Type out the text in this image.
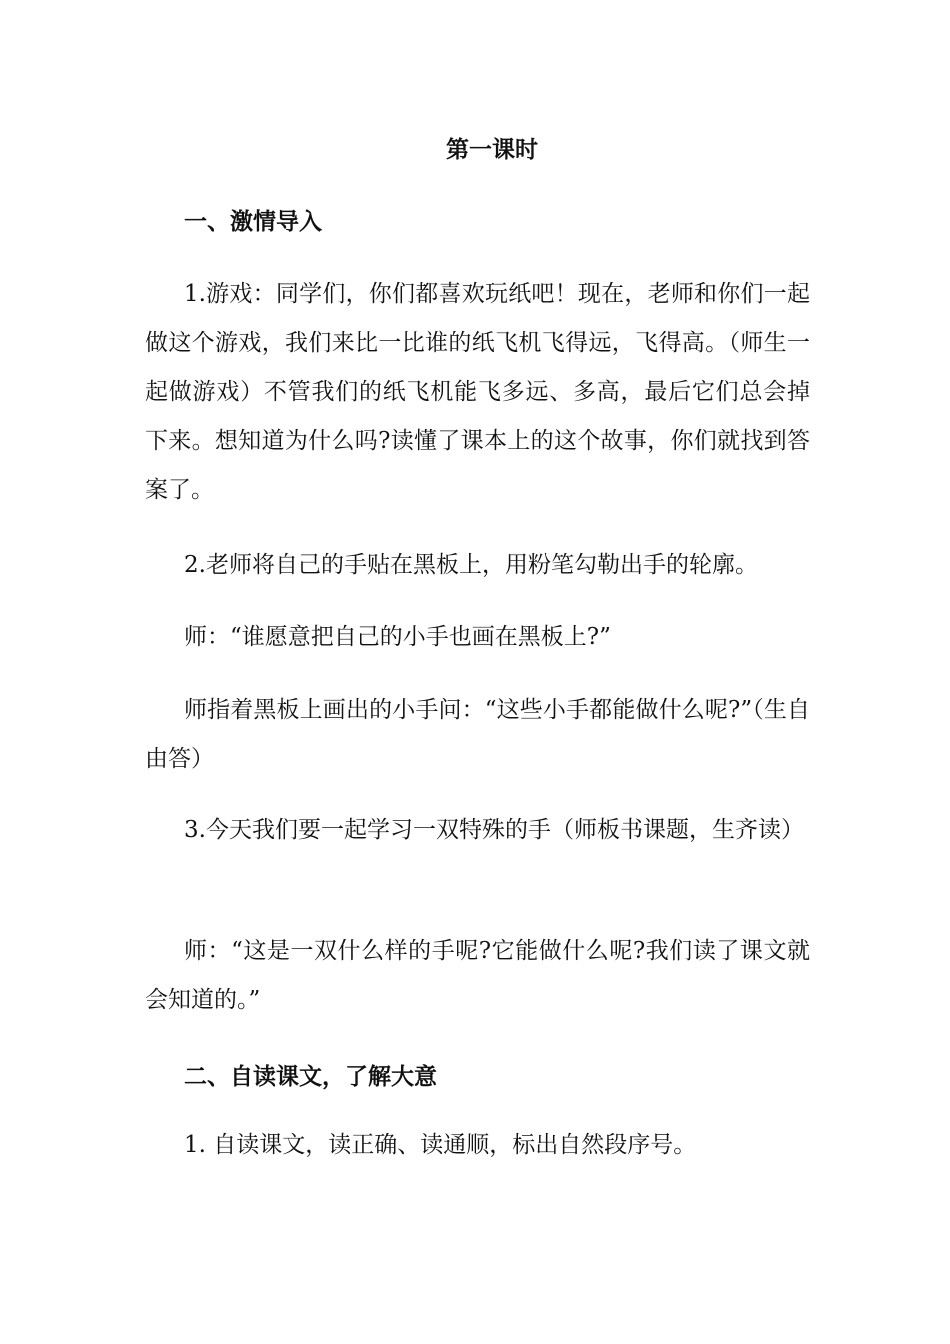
第一课时
一、激情导入

1.游戏：同学们，你们都喜欢玩纸吧！现在，老师和你们一起做这个游戏，我们来比一比谁的纸飞机飞得远，飞得高。（师生一起做游戏）不管我们的纸飞机能飞多远、多高，最后它们总会掉下来。想知道为什么吗?读懂了课本上的这个故事，你们就找到答案了。

2.老师将自己的手贴在黑板上，用粉笔勾勒出手的轮廓。

师：“谁愿意把自己的小手也画在黑板上?”

师指着黑板上画出的小手问：“这些小手都能做什么呢?”（生自由答）

3.今天我们要一起学习一双特殊的手（师板书课题，生齐读）

师：“这是一双什么样的手呢?它能做什么呢?我们读了课文就会知道的。”

二、自读课文，了解大意

1. 自读课文，读正确、读通顺，标出自然段序号。
